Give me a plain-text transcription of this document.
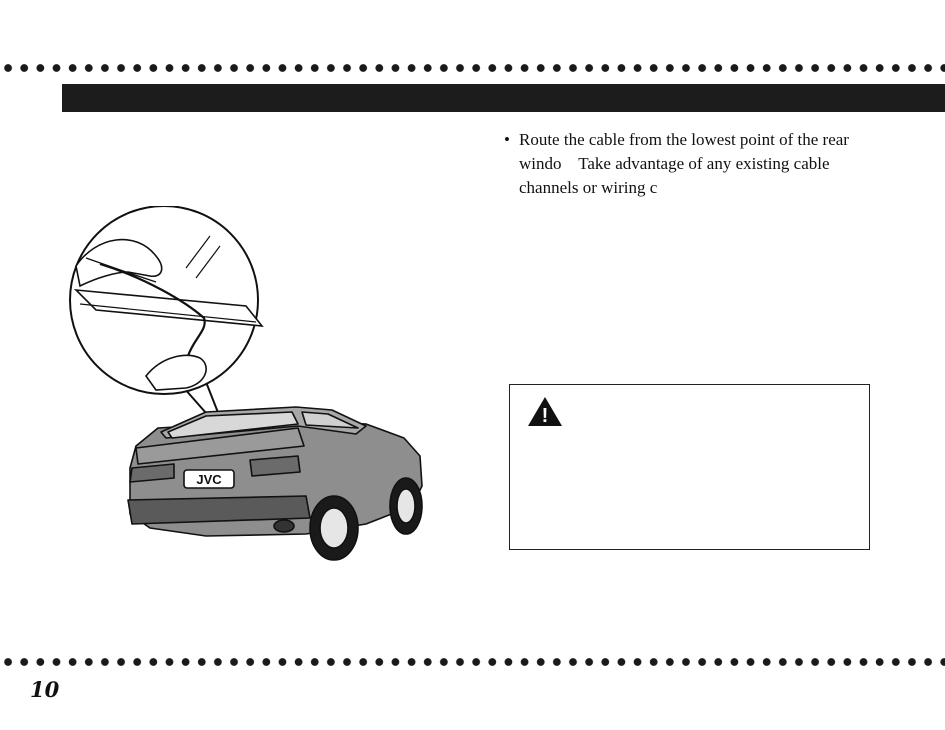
• Route the cable from the lowest point of the rear
windo    Take advantage of any existing cable
channels or wiring c
JVC
!
10
